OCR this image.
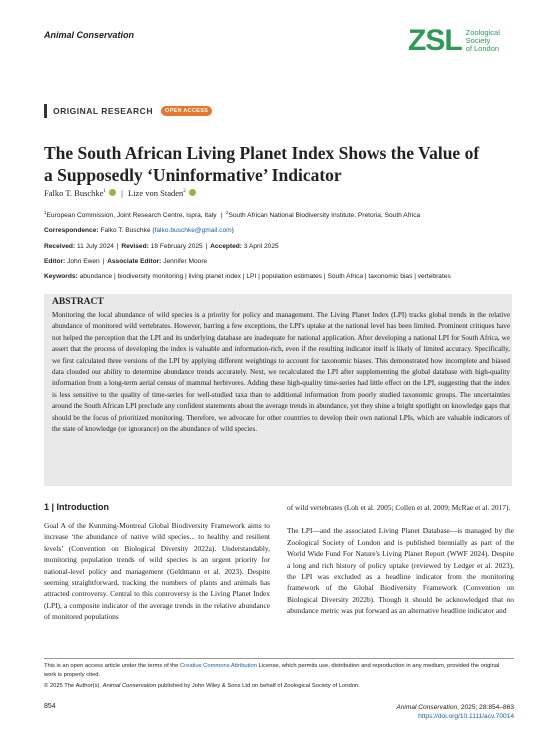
Animal Conservation	ZSL Zoological
Society
of London
ORIGINAL RESEARCH	OPEN ACCESS
The South African Living Planet Index Shows the Value of
a Supposedly ‘Uninformative’ Indicator
Falko T. Buschke$^1$ | Lize von Staden$^2$
$^1$European Commission, Joint Research Centre, Ispra, Italy | $^2$South African National Biodiversity Institute, Pretoria, South Africa
Correspondence: Falko T. Buschke (falko.buschke@gmail.com)
Received: 11 July 2024 | Revised: 18 February 2025 | Accepted: 3 April 2025
Editor: John Ewen | Associate Editor: Jennifer Moore
Keywords: abundance | biodiversity monitoring | living planet index | LPI | population estimates | South Africa | taxonomic bias | vertebrates
ABSTRACT
Monitoring the local abundance of wild species is a priority for policy and management. The Living Planet Index (LPI) tracks global trends in the relative abundance of monitored wild vertebrates. However, barring a few exceptions, the LPI's uptake at the national level has been limited. Prominent critiques have not helped the perception that the LPI and its underlying database are inadequate for national application. After developing a national LPI for South Africa, we assert that the process of developing the index is valuable and information-rich, even if the resulting indicator itself is likely of limited accuracy. Specifically, we first calculated three versions of the LPI by applying different weightings to account for taxonomic biases. This demonstrated how incomplete and biased data clouded our ability to determine abundance trends accurately. Next, we recalculated the LPI after supplementing the global database with high-quality information from a long-term aerial census of mammal herbivores. Adding these high-quality time-series had little effect on the LPI, suggesting that the index is less sensitive to the quality of time-series for well-studied taxa than to additional information from poorly studied taxonomic groups. The uncertainties around the South African LPI preclude any confident statements about the average trends in abundance, yet they shine a bright spotlight on knowledge gaps that should be the focus of prioritized monitoring. Therefore, we advocate for other countries to develop their own national LPIs, which are valuable indicators of the state of knowledge (or ignorance) on the abundance of wild species.
1 | Introduction

Goal A of the Kunming-Montreal Global Biodiversity Framework aims to increase ‘the abundance of native wild species... to healthy and resilient levels’ (Convention on Biological Diversity 2022a). Understandably, monitoring population trends of wild species is an urgent priority for national-level policy and management (Geldmann et al. 2023). Despite seeming straightforward, tracking the numbers of plants and animals has attracted controversy. Central to this controversy is the Living Planet Index (LPI), a composite indicator of the average trends in the relative abundance of monitored populations

of wild vertebrates (Loh et al. 2005; Collen et al. 2009; McRae et al. 2017).

The LPI—and the associated Living Planet Database—is managed by the Zoological Society of London and is published biennially as part of the World Wide Fund For Nature's Living Planet Report (WWF 2024). Despite a long and rich history of policy uptake (reviewed by Ledger et al. 2023), the LPI was excluded as a headline indicator from the monitoring framework of the Global Biodiversity Framework (Convention on Biological Diversity 2022b). Though it should be acknowledged that no abundance metric was put forward as an alternative headline indicator and

This is an open access article under the terms of the Creative Commons Attribution License, which permits use, distribution and reproduction in any medium, provided the original work is properly cited.
© 2025 The Author(s). Animal Conservation published by John Wiley & Sons Ltd on behalf of Zoological Society of London.
854	Animal Conservation, 2025; 28:854–863
https://doi.org/10.1111/acv.70014
